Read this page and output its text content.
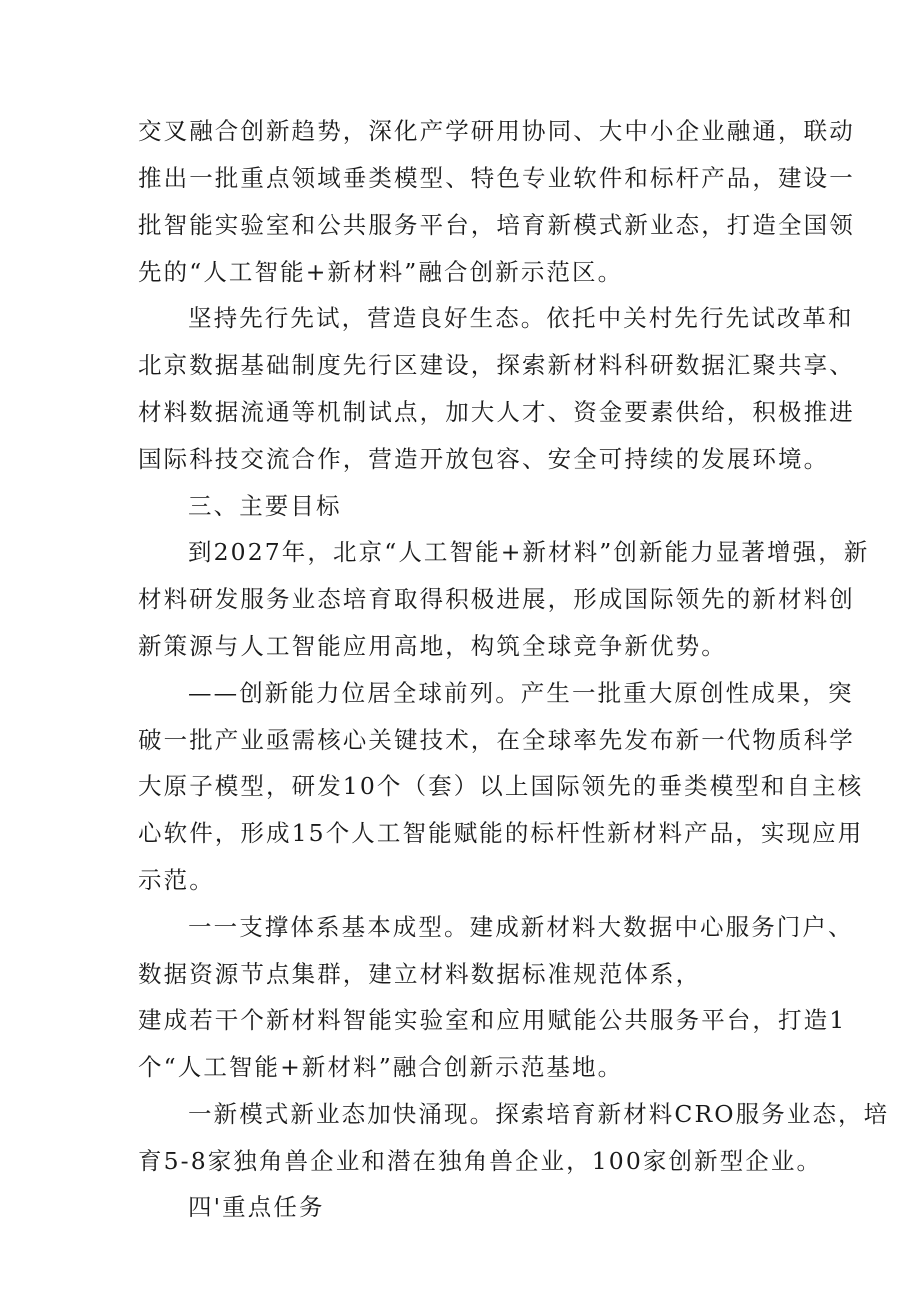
交叉融合创新趋势，深化产学研用协同、大中小企业融通，联动
推出一批重点领域垂类模型、特色专业软件和标杆产品，建设一
批智能实验室和公共服务平台，培育新模式新业态，打造全国领
先的“人工智能+新材料”融合创新示范区。
坚持先行先试，营造良好生态。依托中关村先行先试改革和
北京数据基础制度先行区建设，探索新材料科研数据汇聚共享、
材料数据流通等机制试点，加大人才、资金要素供给，积极推进
国际科技交流合作，营造开放包容、安全可持续的发展环境。
三、主要目标
到2027年，北京“人工智能+新材料”创新能力显著增强，新
材料研发服务业态培育取得积极进展，形成国际领先的新材料创
新策源与人工智能应用高地，构筑全球竞争新优势。
——创新能力位居全球前列。产生一批重大原创性成果，突
破一批产业亟需核心关键技术，在全球率先发布新一代物质科学
大原子模型，研发10个（套）以上国际领先的垂类模型和自主核
心软件，形成15个人工智能赋能的标杆性新材料产品，实现应用
示范。
一一支撑体系基本成型。建成新材料大数据中心服务门户、
数据资源节点集群，建立材料数据标准规范体系，
建成若干个新材料智能实验室和应用赋能公共服务平台，打造1
个“人工智能+新材料”融合创新示范基地。
一新模式新业态加快涌现。探索培育新材料CRO服务业态，培
育5-8家独角兽企业和潜在独角兽企业，100家创新型企业。
四'重点任务
